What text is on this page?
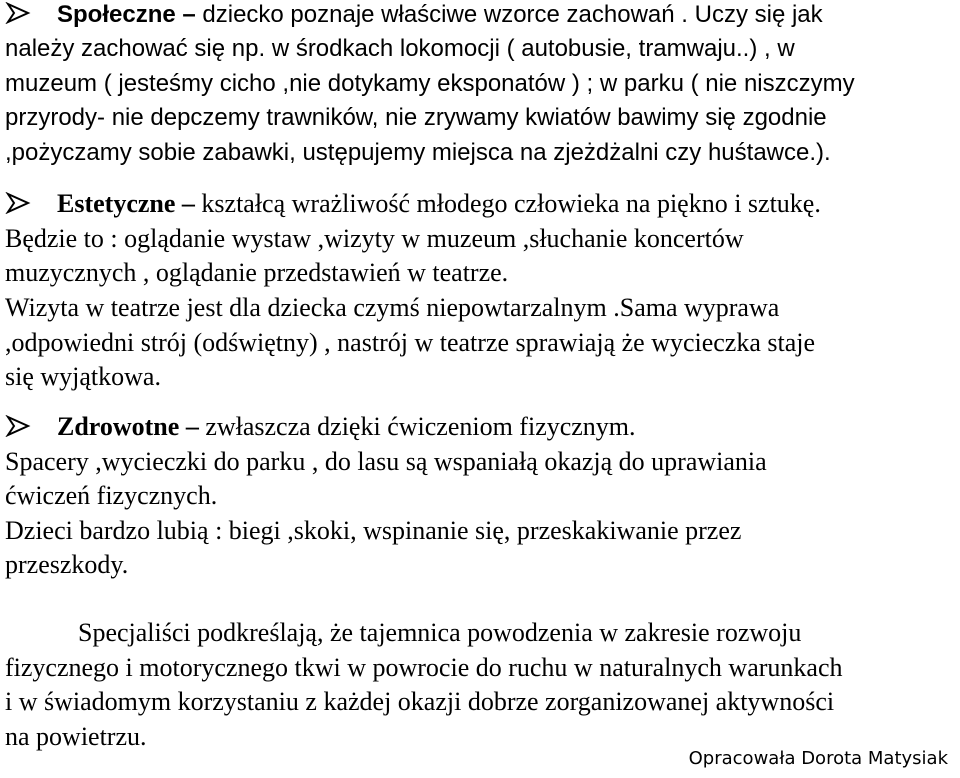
Społeczne – dziecko poznaje właściwe wzorce zachowań . Uczy się jak
należy zachować się np. w środkach lokomocji ( autobusie, tramwaju..) , w
muzeum ( jesteśmy cicho ,nie dotykamy eksponatów ) ; w parku ( nie niszczymy
przyrody- nie depczemy trawników, nie zrywamy kwiatów bawimy się zgodnie
,pożyczamy sobie zabawki, ustępujemy miejsca na zjeżdżalni czy huśtawce.).
Estetyczne – kształcą wrażliwość młodego człowieka na piękno i sztukę.
Będzie to : oglądanie wystaw ,wizyty w muzeum ,słuchanie koncertów
muzycznych , oglądanie przedstawień w teatrze.
Wizyta w teatrze jest dla dziecka czymś niepowtarzalnym .Sama wyprawa
,odpowiedni strój (odświętny) , nastrój w teatrze sprawiają że wycieczka staje
się wyjątkowa.
Zdrowotne – zwłaszcza dzięki ćwiczeniom fizycznym.
Spacery ,wycieczki do parku , do lasu są wspaniałą okazją do uprawiania
ćwiczeń fizycznych.
Dzieci bardzo lubią : biegi ,skoki, wspinanie się, przeskakiwanie przez
przeszkody.
Specjaliści podkreślają, że tajemnica powodzenia w zakresie rozwoju
fizycznego i motorycznego tkwi w powrocie do ruchu w naturalnych warunkach
i w świadomym korzystaniu z każdej okazji dobrze zorganizowanej aktywności
na powietrzu.
Opracowała Dorota Matysiak
